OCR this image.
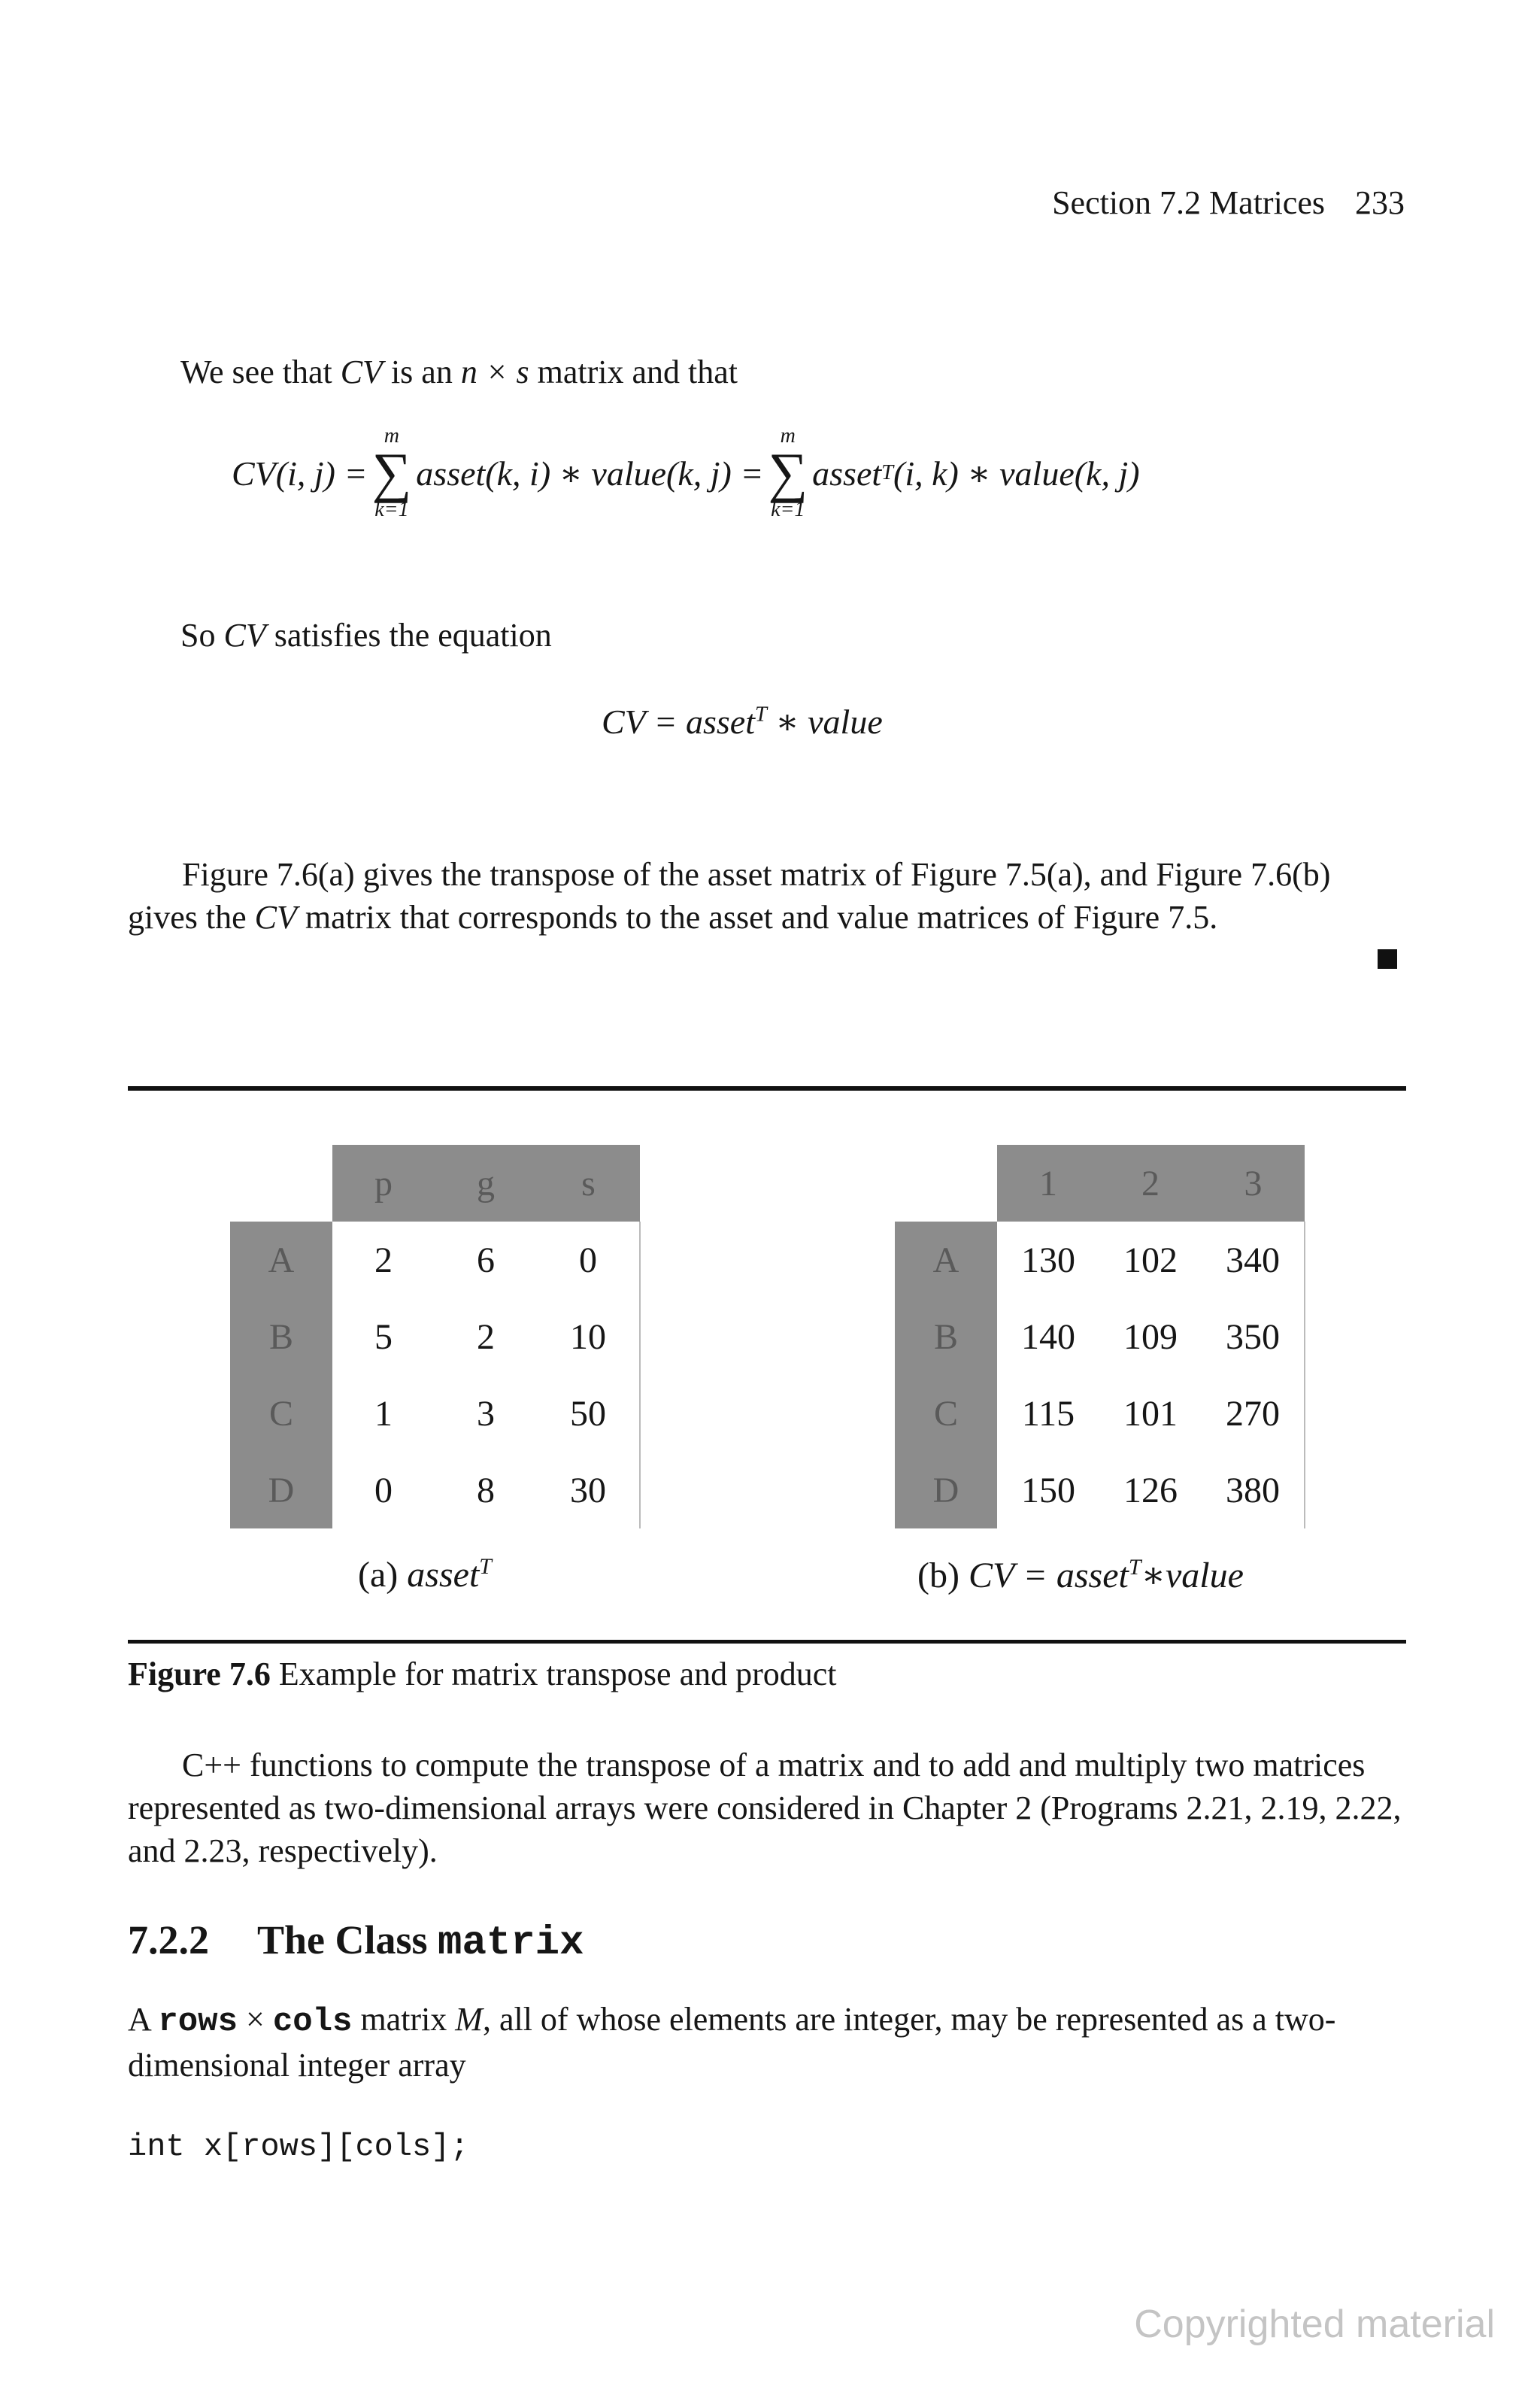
Section 7.2 Matrices 233
We see that CV is an n × s matrix and that
CV(i, j) =
m
∑
k=1
asset(k, i) ∗ value(k, j) =
m
∑
k=1
asset T (i, k) ∗ value(k, j)
So CV satisfies the equation
CV = asset$^T$ ∗ value
Figure 7.6(a) gives the transpose of the asset matrix of Figure 7.5(a), and Figure 7.6(b) gives the CV matrix that corresponds to the asset and value matrices of Figure 7.5.
	p	g	s
A	2	6	0
B	5	2	10
C	1	3	50
D	0	8	30
(a) asset$^T$
	1	2	3
A	130	102	340
B	140	109	350
C	115	101	270
D	150	126	380
(b) CV = asset$^T$∗value
Figure 7.6 Example for matrix transpose and product
C++ functions to compute the transpose of a matrix and to add and multiply two matrices represented as two-dimensional arrays were considered in Chapter 2 (Programs 2.21, 2.19, 2.22, and 2.23, respectively).
7.2.2 The Class matrix
A rows × cols matrix M, all of whose elements are integer, may be represented as a two-dimensional integer array
int x[rows][cols];
Copyrighted material
